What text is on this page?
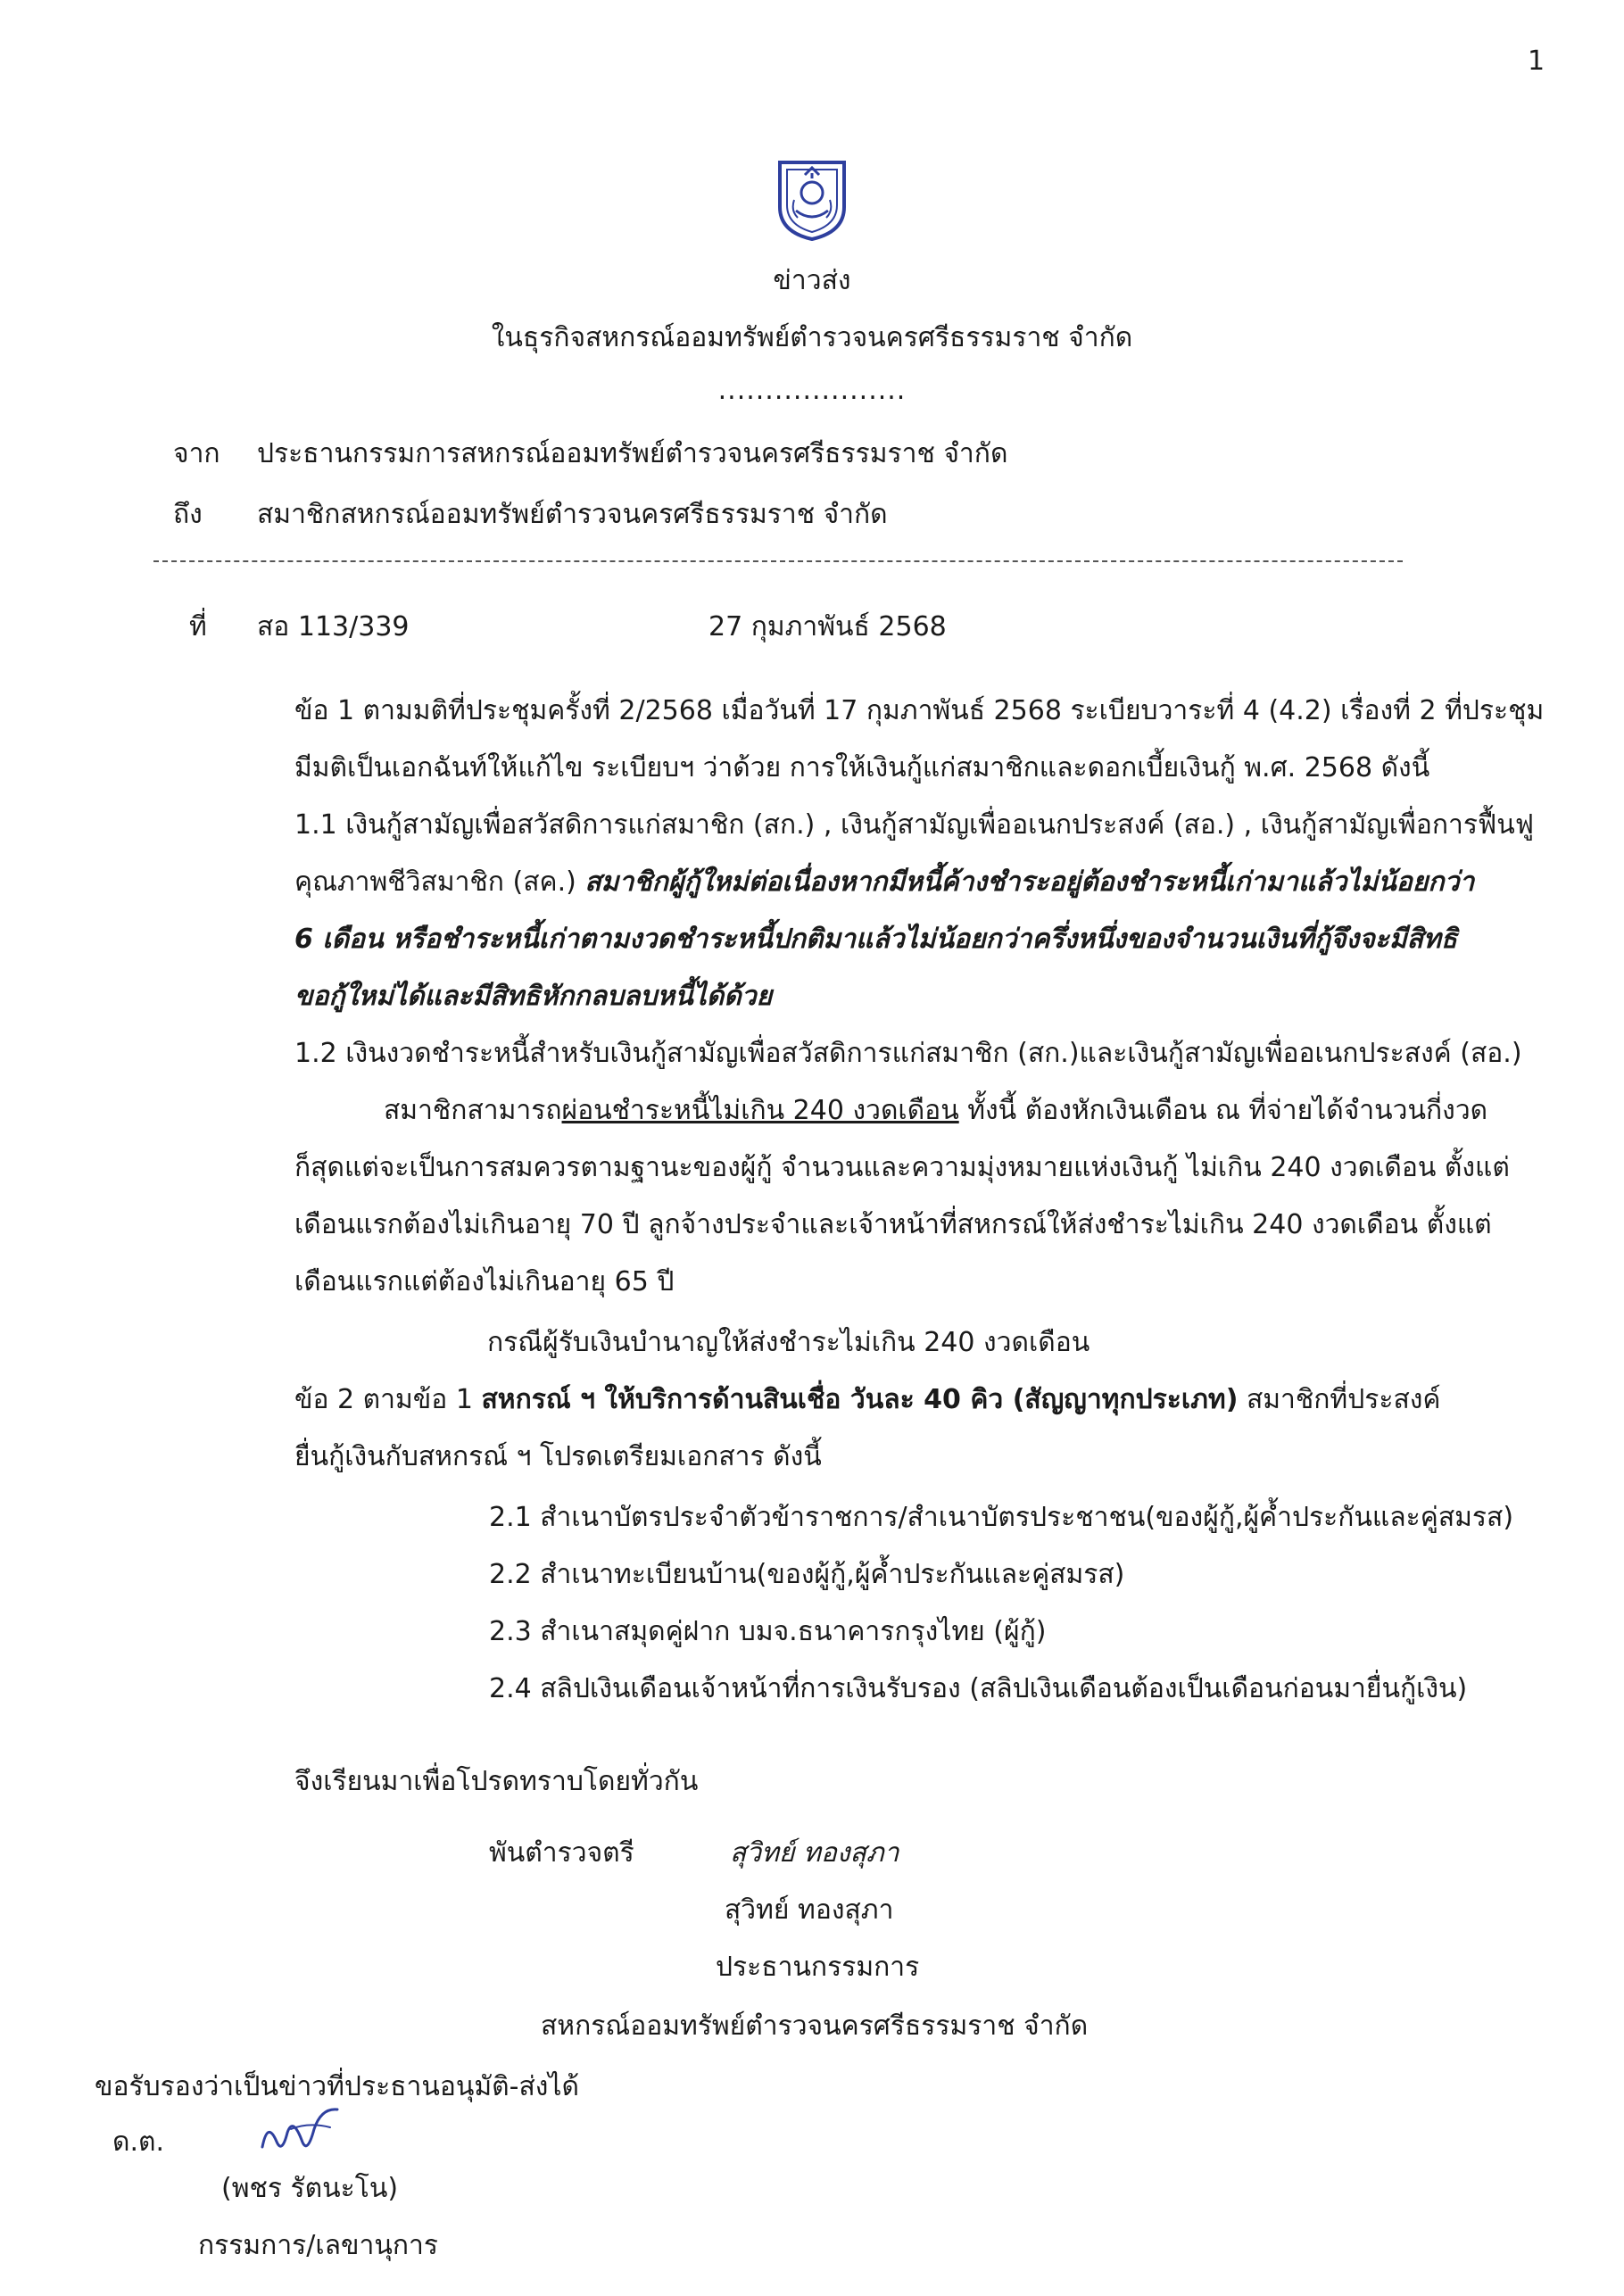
1
ข่าวส่ง
ในธุรกิจสหกรณ์ออมทรัพย์ตำรวจนครศรีธรรมราช จำกัด
....................
จาก ประธานกรรมการสหกรณ์ออมทรัพย์ตำรวจนครศรีธรรมราช จำกัด
ถึง สมาชิกสหกรณ์ออมทรัพย์ตำรวจนครศรีธรรมราช จำกัด
ที่ สอ 113/339	27 กุมภาพันธ์ 2568
ข้อ 1 ตามมติที่ประชุมครั้งที่ 2/2568 เมื่อวันที่ 17 กุมภาพันธ์ 2568 ระเบียบวาระที่ 4 (4.2) เรื่องที่ 2 ที่ประชุม
มีมติเป็นเอกฉันท์ให้แก้ไข ระเบียบฯ ว่าด้วย การให้เงินกู้แก่สมาชิกและดอกเบี้ยเงินกู้ พ.ศ. 2568 ดังนี้
1.1 เงินกู้สามัญเพื่อสวัสดิการแก่สมาชิก (สก.) , เงินกู้สามัญเพื่ออเนกประสงค์ (สอ.) , เงินกู้สามัญเพื่อการฟื้นฟู
คุณภาพชีวิสมาชิก (สค.) สมาชิกผู้กู้ใหม่ต่อเนื่องหากมีหนี้ค้างชำระอยู่ต้องชำระหนี้เก่ามาแล้วไม่น้อยกว่า
6 เดือน หรือชำระหนี้เก่าตามงวดชำระหนี้ปกติมาแล้วไม่น้อยกว่าครึ่งหนึ่งของจำนวนเงินที่กู้จึงจะมีสิทธิ
ขอกู้ใหม่ได้และมีสิทธิหักกลบลบหนี้ได้ด้วย
1.2 เงินงวดชำระหนี้สำหรับเงินกู้สามัญเพื่อสวัสดิการแก่สมาชิก (สก.)และเงินกู้สามัญเพื่ออเนกประสงค์ (สอ.)
สมาชิกสามารถผ่อนชำระหนี้ไม่เกิน 240 งวดเดือน ทั้งนี้ ต้องหักเงินเดือน ณ ที่จ่ายได้จำนวนกี่งวด
ก็สุดแต่จะเป็นการสมควรตามฐานะของผู้กู้ จำนวนและความมุ่งหมายแห่งเงินกู้ ไม่เกิน 240 งวดเดือน ตั้งแต่
เดือนแรกต้องไม่เกินอายุ 70 ปี ลูกจ้างประจำและเจ้าหน้าที่สหกรณ์ให้ส่งชำระไม่เกิน 240 งวดเดือน ตั้งแต่
เดือนแรกแต่ต้องไม่เกินอายุ 65 ปี
กรณีผู้รับเงินบำนาญให้ส่งชำระไม่เกิน 240 งวดเดือน
ข้อ 2 ตามข้อ 1 สหกรณ์ ฯ ให้บริการด้านสินเชื่อ วันละ 40 คิว (สัญญาทุกประเภท) สมาชิกที่ประสงค์
ยื่นกู้เงินกับสหกรณ์ ฯ โปรดเตรียมเอกสาร ดังนี้
2.1 สำเนาบัตรประจำตัวข้าราชการ/สำเนาบัตรประชาชน(ของผู้กู้,ผู้ค้ำประกันและคู่สมรส)
2.2 สำเนาทะเบียนบ้าน(ของผู้กู้,ผู้ค้ำประกันและคู่สมรส)
2.3 สำเนาสมุดคู่ฝาก บมจ.ธนาคารกรุงไทย (ผู้กู้)
2.4 สลิปเงินเดือนเจ้าหน้าที่การเงินรับรอง (สลิปเงินเดือนต้องเป็นเดือนก่อนมายื่นกู้เงิน)
จึงเรียนมาเพื่อโปรดทราบโดยทั่วกัน
พันตำรวจตรี	สุวิทย์ ทองสุภา
สุวิทย์ ทองสุภา
ประธานกรรมการ
สหกรณ์ออมทรัพย์ตำรวจนครศรีธรรมราช จำกัด
ขอรับรองว่าเป็นข่าวที่ประธานอนุมัติ-ส่งได้
ด.ต.
(พชร รัตนะโน)
กรรมการ/เลขานุการ
